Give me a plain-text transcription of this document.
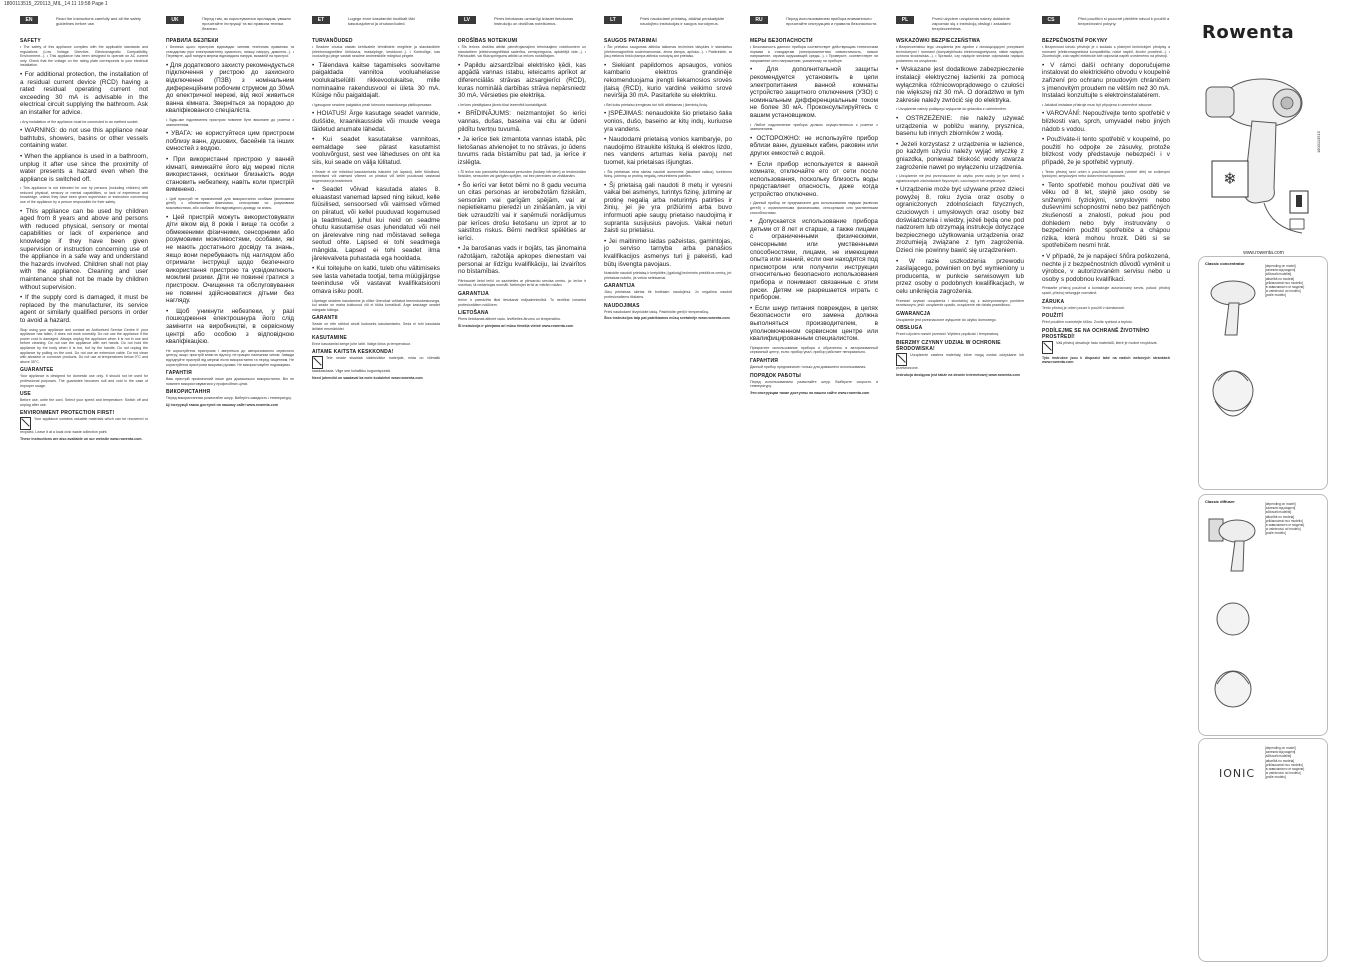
1800113515_220113_MIL_14 11 19:58 Page 1
EN	Read the instructions carefully and all the safety guidelines before use.
SAFETY
• The safety of this appliance complies with the applicable standards and regulations (Low Voltage Directive, Electromagnetic Compatibility, Environment...). • This appliance has been designed to operate on AC current only. Check that the voltage on the rating plate corresponds to your electrical installation.
• For additional protection, the installation of a residual current device (RCD) having a rated residual operating current not exceeding 30 mA is advisable in the electrical circuit supplying the bathroom. Ask an installer for advice.
• Any installation of the appliance must be connected to an earthed socket.
• WARNING: do not use this appliance near bathtubs, showers, basins or other vessels containing water.
• When the appliance is used in a bathroom, unplug it after use since the proximity of water presents a hazard even when the appliance is switched off.
• This appliance is not intended for use by persons (including children) with reduced physical, sensory or mental capabilities, or lack of experience and knowledge, unless they have been given supervision or instruction concerning use of the appliance by a person responsible for their safety.
• This appliance can be used by children aged from 8 years and above and persons with reduced physical, sensory or mental capabilities or lack of experience and knowledge if they have been given supervision or instruction concerning use of the appliance in a safe way and understand the hazards involved. Children shall not play with the appliance. Cleaning and user maintenance shall not be made by children without supervision.
• If the supply cord is damaged, it must be replaced by the manufacturer, its service agent or similarly qualified persons in order to avoid a hazard.
Stop using your appliance and contact an Authorised Service Centre if: your appliance has fallen, it does not work normally. Do not use the appliance if the power cord is damaged. Always unplug the appliance when it is not in use and before cleaning. Do not use the appliance with wet hands. Do not hold the appliance by the body when it is hot, but by the handle. Do not unplug the appliance by pulling on the cord. Do not use an extension cable. Do not clean with abrasive or corrosive products. Do not use at temperatures below 0°C and above 35°C.
GUARANTEE
Your appliance is designed for domestic use only. It should not be used for professional purposes. The guarantee becomes null and void in the case of improper usage.
USE
Before use, untie the cord. Select your speed and temperature. Switch off and unplug after use.
ENVIRONMENT PROTECTION FIRST!
Your appliance contains valuable materials which can be recovered or recycled. Leave it at a local civic waste collection point.
These instructions are also available on our website www.rowenta.com.
UK	Перед тим, як користуватися приладом, уважно прочитайте інструкції та всі правила техніки безпеки.
ПРАВИЛА БЕЗПЕКИ
• Безпека цього пристрою відповідає чинним технічним правилам та стандартам (про електромагнітну сумісність, низьку напругу, довкілля...). • Перевірте, щоб напруга мережі відповідала напрузі, вказаній на пристрої.
• Для додаткового захисту рекомендується підключення у ристрою до захисного відключення (ПЗВ) з номінальним диференційним робочим струмом до 30мА до електричної мережі, від якої живиться ванна кімната. Зверніться за порадою до кваліфікованого спеціаліста.
• Будь-яке підключення пристрою повинне бути виконане до розетки з заземленням.
• УВАГА: не користуйтеся цим пристроєм поблизу ванн, душових, басейнів та інших ємностей з водою.
• При використанні пристрою у ванній кімнаті, вимикайте його від мережі після використання, оскільки близькість води становить небезпеку, навіть коли пристрій вимкнено.
• Цей пристрій не призначений для використання особами (включаючи дітей) з обмеженими фізичними, сенсорними чи розумовими можливостями, або особами без відповідного досвіду чи знань.
• Цей пристрій можуть використовувати діти віком від 8 років і вище та особи з обмеженими фізичними, сенсорними або розумовими можливостями, особами, які не мають достатнього досвіду та знань, якщо вони перебувають під наглядом або отримали інструкції щодо безпечного використання пристрою та усвідомлюють можливі ризики. Діти не повинні гратися з пристроєм. Очищення та обслуговування не повинні здійснюватися дітьми без нагляду.
• Щоб уникнути небезпеки, у разі пошкодження електрошнура його слід замінити на виробництві, в сервісному центрі або особою з відповідною кваліфікацією.
Не користуйтеся пристроєм і зверніться до авторизованого сервісного центру, якщо: пристрій впав на підлогу, не працює належним чином. Завжди від'єднуйте пристрій від мережі після використання та перед чищенням. Не користуйтеся пристроєм мокрими руками. Не використовуйте подовжувач.
ГАРАНТІЯ
Ваш пристрій призначений лише для домашнього використання. Він не повинен використовуватися у професійних цілях.
ВИКОРИСТАННЯ
Перед використанням розмотайте шнур. Виберіть швидкість і температуру.
Ці інструкції також доступні на нашому сайті www.rowenta.com
ET	Lugege enne kasutamist hoolikalt läbi kasutusjuhend ja ohutusnõuded.
TURVANÕUDED
• Seadme ohutus vastab kehtivatele tehnilistele reeglitele ja standarditele (elektromagnetiline ühilduvus, madalpinge, keskkond...). • Kontrollige, kas vooluvõrgu pinge vastab seadme andmesildile märgitud pingele.
• Täiendava kaitse tagamiseks soovitame paigaldada vannitoa vooluahelasse voolukaitselüliti rikkevoolukaitse, mille nominaalne rakendusvool ei ületa 30 mA. Küsige nõu paigaldajalt.
• Igasugune seadme paigaldus peab toimuma maandusega pistikupesasse.
• HOIATUS! Ärge kasutage seadet vannide, duššide, kraanikausside või muude veega täidetud anumate lähedal.
• Kui seadet kasutatakse vannitoas, eemaldage see pärast kasutamist vooluvõrgust, sest vee läheduses on oht ka siis, kui seade on välja lülitatud.
• Seade ei ole mõeldud kasutamiseks isikutele (sh lapsed), kelle füüsilised, meelelised või vaimsed võimed on piiratud või kellel puuduvad vastavad kogemused ja teadmised.
• Seadet võivad kasutada alates 8. eluaastast vanemad lapsed ning isikud, kelle füüsilised, sensoorsed või vaimsed võimed on piiratud, või kellel puuduvad kogemused ja teadmised, juhul kui neid on seadme ohutu kasutamise osas juhendatud või neil on järelevalve ning nad mõistavad sellega seotud ohte. Lapsed ei tohi seadmega mängida. Lapsed ei tohi seadet ilma järelevalveta puhastada ega hooldada.
• Kui toitejuhe on katki, tuleb ohu vältimiseks see lasta vahetada tootjal, tema müügijärgse teeninduse või vastavat kvalifikatsiooni omava isiku poolt.
Lõpetage seadme kasutamine ja võtke ühendust volitatud teeninduskeskusega, kui seade on maha kukkunud või ei tööta korralikult. Ärge kasutage seadet märgade kätega.
GARANTII
Seade on ette nähtud ainult koduseks kasutamiseks. Seda ei tohi kasutada ärilistel eesmärkidel.
KASUTAMINE
Enne kasutamist kerige juhe lahti. Valige kiirus ja temperatuur.
AITAME KAITSTA KESKKONDA!
Teie seade sisaldab väärtuslikke materjale, mida on võimalik taaskasutada. Viige see kohalikku kogumispunkti.
Need juhendid on saadaval ka meie kodulehel www.rowenta.com
LV	Pirms lietošanas uzmanīgi izlasiet lietošanas instrukciju un drošības noteikumus.
DROŠĪBAS NOTEIKUMI
• Šīs ierīces drošība atbilst piemērojamajiem tehniskajiem noteikumiem un standartiem (elektromagnētiskā saderība, zemsprieguma, apkārtējā vide...). • Pārbaudiet, vai tīkla spriegums atbilst uz ierīces norādītajam.
• Papildu aizsardzībai elektrisko ķēdi, kas apgādā vannas istabu, ieteicams aprīkot ar diferenciālās strāvas aizsargierīci (RCD), kuras nominālā darbības strāva nepārsniedz 30 mA. Vērsieties pie elektriķa.
• Ierīces pieslēgšana jāveic tikai iezemētā kontaktligzdā.
• BRĪDINĀJUMS: neizmantojiet šo ierīci vannas, dušas, baseina vai citu ar ūdeni pildītu tvertņu tuvumā.
• Ja ierīce tiek izmantota vannas istabā, pēc lietošanas atvienojiet to no strāvas, jo ūdens tuvums rada bīstamību pat tad, ja ierīce ir izslēgta.
• Šī ierīce nav paredzēta lietošanai personām (tostarp bērniem) ar ierobežotām fiziskām, sensorām vai garīgām spējām, vai bez pieredzes un zināšanām.
• Šo ierīci var lietot bērni no 8 gadu vecuma un citas personas ar ierobežotām fiziskām, sensorām vai garīgām spējām, vai ar nepietiekamu pieredzi un zināšanām, ja viņi tiek uzraudzīti vai ir saņēmuši norādījumus par ierīces drošu lietošanu un izprot ar to saistītos riskus. Bērni nedrīkst spēlēties ar ierīci.
• Ja barošanas vads ir bojāts, tas jānomaina ražotājam, ražotāja apkopes dienestam vai personai ar līdzīgu kvalifikāciju, lai izvairītos no bīstamības.
Pārtrauciet lietot ierīci un sazinieties ar pilnvarotu servisa centru, ja: ierīce ir nokritusi, tā nedarbojas normāli. Nelietojiet ierīci ar mitrām rokām.
GARANTIJA
Ierīce ir paredzēta tikai lietošanai mājsaimniecībā. To nedrīkst izmantot profesionāliem nolūkiem.
LIETOŠANA
Pirms lietošanas attiniet vadu. Izvēlieties ātrumu un temperatūru.
Šī instrukcija ir pieejama arī mūsu tīmekļa vietnē www.rowenta.com
LT	Prieš naudodami prietaisą, atidžiai perskaitykite naudojimo instrukcijas ir saugos nurodymus.
SAUGOS PATARIMAI
• Šio prietaiso saugumas atitinka taikomas technines taisykles ir standartus (elektromagnetinis suderinamumas, žema įtampa, aplinka...). • Patikrinkite, ar jūsų elektros tinklo įtampa atitinka nurodytą ant prietaiso.
• Siekiant papildomos apsaugos, vonios kambario elektros grandinėje rekomenduojama įrengti liekamosios srovės įtaisą (RCD), kurio vardinė veikimo srovė neviršija 30 mA. Pasitarkite su elektriku.
• Bet koks prietaiso įrengimas turi būti atliekamas į įžemintą lizdą.
• ĮSPĖJIMAS: nenaudokite šio prietaiso šalia vonios, dušo, baseino ar kitų indų, kuriuose yra vandens.
• Naudodami prietaisą vonios kambaryje, po naudojimo ištraukite kištuką iš elektros lizdo, nes vandens artumas kelia pavojų net tuomet, kai prietaisas išjungtas.
• Šis prietaisas nėra skirtas naudoti asmenims (įskaitant vaikus), turintiems fizinę, jutiminę ar protinę negalią, neturintiems patirties.
• Šį prietaisą gali naudoti 8 metų ir vyresni vaikai bei asmenys, turintys fizinę, jutiminę ar protinę negalią arba neturintys patirties ir žinių, jei jie yra prižiūrimi arba buvo informuoti apie saugų prietaiso naudojimą ir supranta susijusius pavojus. Vaikai neturi žaisti su prietaisu.
• Jei maitinimo laidas pažeistas, gamintojas, jo serviso tarnyba arba panašios kvalifikacijos asmenys turi jį pakeisti, kad būtų išvengta pavojaus.
Nustokite naudoti prietaisą ir kreipkitės į įgaliotąjį techninės priežiūros centrą, jei: prietaisas nukrito, jis veikia netinkamai.
GARANTIJA
Jūsų prietaisas skirtas tik buitiniam naudojimui. Jo negalima naudoti profesionaliems tikslams.
NAUDOJIMAS
Prieš naudodami išvyniokite laidą. Pasirinkite greitį ir temperatūrą.
Šios instrukcijos taip pat pateikiamos mūsų svetainėje www.rowenta.com
RU	Перед использованием прибора внимательно прочитайте инструкцию и правила безопасности.
МЕРЫ БЕЗОПАСНОСТИ
• Безопасность данного прибора соответствует действующим техническим нормам и стандартам (электромагнитная совместимость, низкое напряжение, охрана окружающей среды...). • Проверьте, соответствует ли напряжение сети напряжению, указанному на приборе.
• Для дополнительной защиты рекомендуется установить в цепи электропитания ванной комнаты устройство защитного отключения (УЗО) с номинальным дифференциальным током не более 30 мА. Проконсультируйтесь с вашим установщиком.
• Любое подключение прибора должно осуществляться к розетке с заземлением.
• ОСТОРОЖНО: не используйте прибор вблизи ванн, душевых кабин, раковин или других емкостей с водой.
• Если прибор используется в ванной комнате, отключайте его от сети после использования, поскольку близость воды представляет опасность, даже когда устройство отключено.
• Данный прибор не предназначен для использования людьми (включая детей) с ограниченными физическими, сенсорными или умственными способностями.
• Допускается использование прибора детьми от 8 лет и старше, а также лицами с ограниченными физическими, сенсорными или умственными способностями, лицами, не имеющими опыта или знаний, если они находятся под присмотром или получили инструкции относительно безопасного использования прибора и понимают связанные с этим риски. Детям не разрешается играть с прибором.
• Если шнур питания поврежден, в целях безопасности его замена должна выполняться производителем, в уполномоченном сервисном центре или квалифицированным специалистом.
Прекратите использование прибора и обратитесь в авторизованный сервисный центр, если: прибор упал, прибор работает ненормально.
ГАРАНТИЯ
Данный прибор предназначен только для домашнего использования.
ПОРЯДОК РАБОТЫ
Перед использованием размотайте шнур. Выберите скорость и температуру.
Эти инструкции также доступны на нашем сайте www.rowenta.com
PL	Przed użyciem urządzenia należy dokładnie zapoznać się z instrukcją obsługi i zasadami bezpieczeństwa.
WSKAZÓWKI BEZPIECZEŃSTWA
• Bezpieczeństwo tego urządzenia jest zgodne z obowiązującymi przepisami technicznymi i normami (kompatybilność elektromagnetyczna, niskie napięcie, ochrona środowiska...). • Sprawdź, czy napięcie sieciowe odpowiada napięciu podanemu na urządzeniu.
• Wskazane jest dodatkowe zabezpieczenie instalacji elektrycznej łazienki za pomocą wyłącznika różnicowoprądowego o czułości nie większej niż 30 mA. O doradztwo w tym zakresie należy zwrócić się do elektryka.
• Urządzenie należy podłączyć wyłącznie do gniazdka z uziemieniem.
• OSTRZEŻENIE: nie należy używać urządzenia w pobliżu wanny, prysznica, basenu lub innych zbiorników z wodą.
• Jeżeli korzystasz z urządzenia w łazience, po każdym użyciu należy wyjąć wtyczkę z gniazdka, ponieważ bliskość wody stwarza zagrożenie nawet po wyłączeniu urządzenia.
• Urządzenie nie jest przeznaczone do użytku przez osoby (w tym dzieci) o ograniczonych zdolnościach fizycznych, czuciowych lub umysłowych.
• Urządzenie może być używane przez dzieci powyżej 8. roku życia oraz osoby o ograniczonych zdolnościach fizycznych, czuciowych i umysłowych oraz osoby bez doświadczenia i wiedzy, jeżeli będą one pod nadzorem lub otrzymają instrukcje dotyczące bezpiecznego użytkowania urządzenia oraz zrozumieją związane z tym zagrożenia. Dzieci nie powinny bawić się urządzeniem.
• W razie uszkodzenia przewodu zasilającego, powinien on być wymieniony u producenta, w punkcie serwisowym lub przez osoby o podobnych kwalifikacjach, w celu uniknięcia zagrożenia.
Przestań używać urządzenia i skontaktuj się z autoryzowanym punktem serwisowym, jeśli: urządzenie upadło, urządzenie nie działa prawidłowo.
GWARANCJA
Urządzenie jest przeznaczone wyłącznie do użytku domowego.
OBSŁUGA
Przed użyciem rozwiń przewód. Wybierz prędkość i temperaturę.
BIERZMY CZYNNY UDZIAŁ W OCHRONIE ŚRODOWISKA!
Urządzenie zawiera materiały, które mogą zostać odzyskane lub przetworzone.
Instrukcja dostępna jest także na stronie internetowej www.rowenta.com
CS	Před použitím si pozorně přečtěte návod k použití a bezpečnostní pokyny.
BEZPEČNOSTNÍ POKYNY
• Bezpečnost tohoto přístroje je v souladu s platnými technickými předpisy a normami (elektromagnetická kompatibilita, nízké napětí, životní prostředí...). • Zkontrolujte, zda napětí elektrické sítě odpovídá napětí uvedenému na přístroji.
• V rámci další ochrany doporučujeme instalovat do elektrického obvodu v koupelně zařízení pro ochranu proudovým chráničem s jmenovitým proudem ne větším než 30 mA. Instalaci konzultujte s elektroinstalatérem.
• Jakákoli instalace přístroje musí být připojena k uzemněné zásuvce.
• VAROVÁNÍ: Nepoužívejte tento spotřebič v blízkosti van, sprch, umyvadel nebo jiných nádob s vodou.
• Používáte-li tento spotřebič v koupelně, po použití ho odpojte ze zásuvky, protože blízkost vody představuje nebezpečí i v případě, že je spotřebič vypnutý.
• Tento přístroj není určen k používání osobami (včetně dětí) se sníženými fyzickými, smyslovými nebo duševními schopnostmi.
• Tento spotřebič mohou používat děti ve věku od 8 let, stejně jako osoby se sníženými fyzickými, smyslovými nebo duševními schopnostmi nebo bez patřičných zkušeností a znalostí, pokud jsou pod dohledem nebo byly instruovány o bezpečném použití spotřebiče a chápou rizika, která mohou hrozit. Děti si se spotřebičem nesmí hrát.
• V případě, že je napájecí šňůra poškozená, nechte ji z bezpečnostních důvodů vyměnit u výrobce, v autorizovaném servisu nebo u osoby s podobnou kvalifikací.
Přestaňte přístroj používat a kontaktujte autorizovaný servis, pokud: přístroj spadl, přístroj nefunguje normálně.
ZÁRUKA
Tento přístroj je určen pouze k použití v domácnosti.
POUŽITÍ
Před použitím rozmotejte šňůru. Zvolte rychlost a teplotu.
PODÍLEJME SE NA OCHRANĚ ŽIVOTNÍHO PROSTŘEDÍ!
Váš přístroj obsahuje řadu materiálů, které je možné recyklovat.
Tyto instrukce jsou k dispozici také na našich webových stránkách www.rowenta.com
Rowenta
❄
1800113515
www.rowenta.com
Classic concentrator	[depending on model]
[залежно від моделі]
[sõltuvalt mudelist]
[atkarībā no modeļa]
[priklausomai nuo modelio]
[в зависимости от модели]
[w zależności od modelu]
[podle modelu]
Classic diffuser	[depending on model]
[залежно від моделі]
[sõltuvalt mudelist]
[atkarībā no modeļa]
[priklausomai nuo modelio]
[в зависимости от модели]
[w zależności od modelu]
[podle modelu]
IONIC
[depending on model]
[залежно від моделі]
[sõltuvalt mudelist]
[atkarībā no modeļa]
[priklausomai nuo modelio]
[в зависимости от модели]
[w zależności od modelu]
[podle modelu]
